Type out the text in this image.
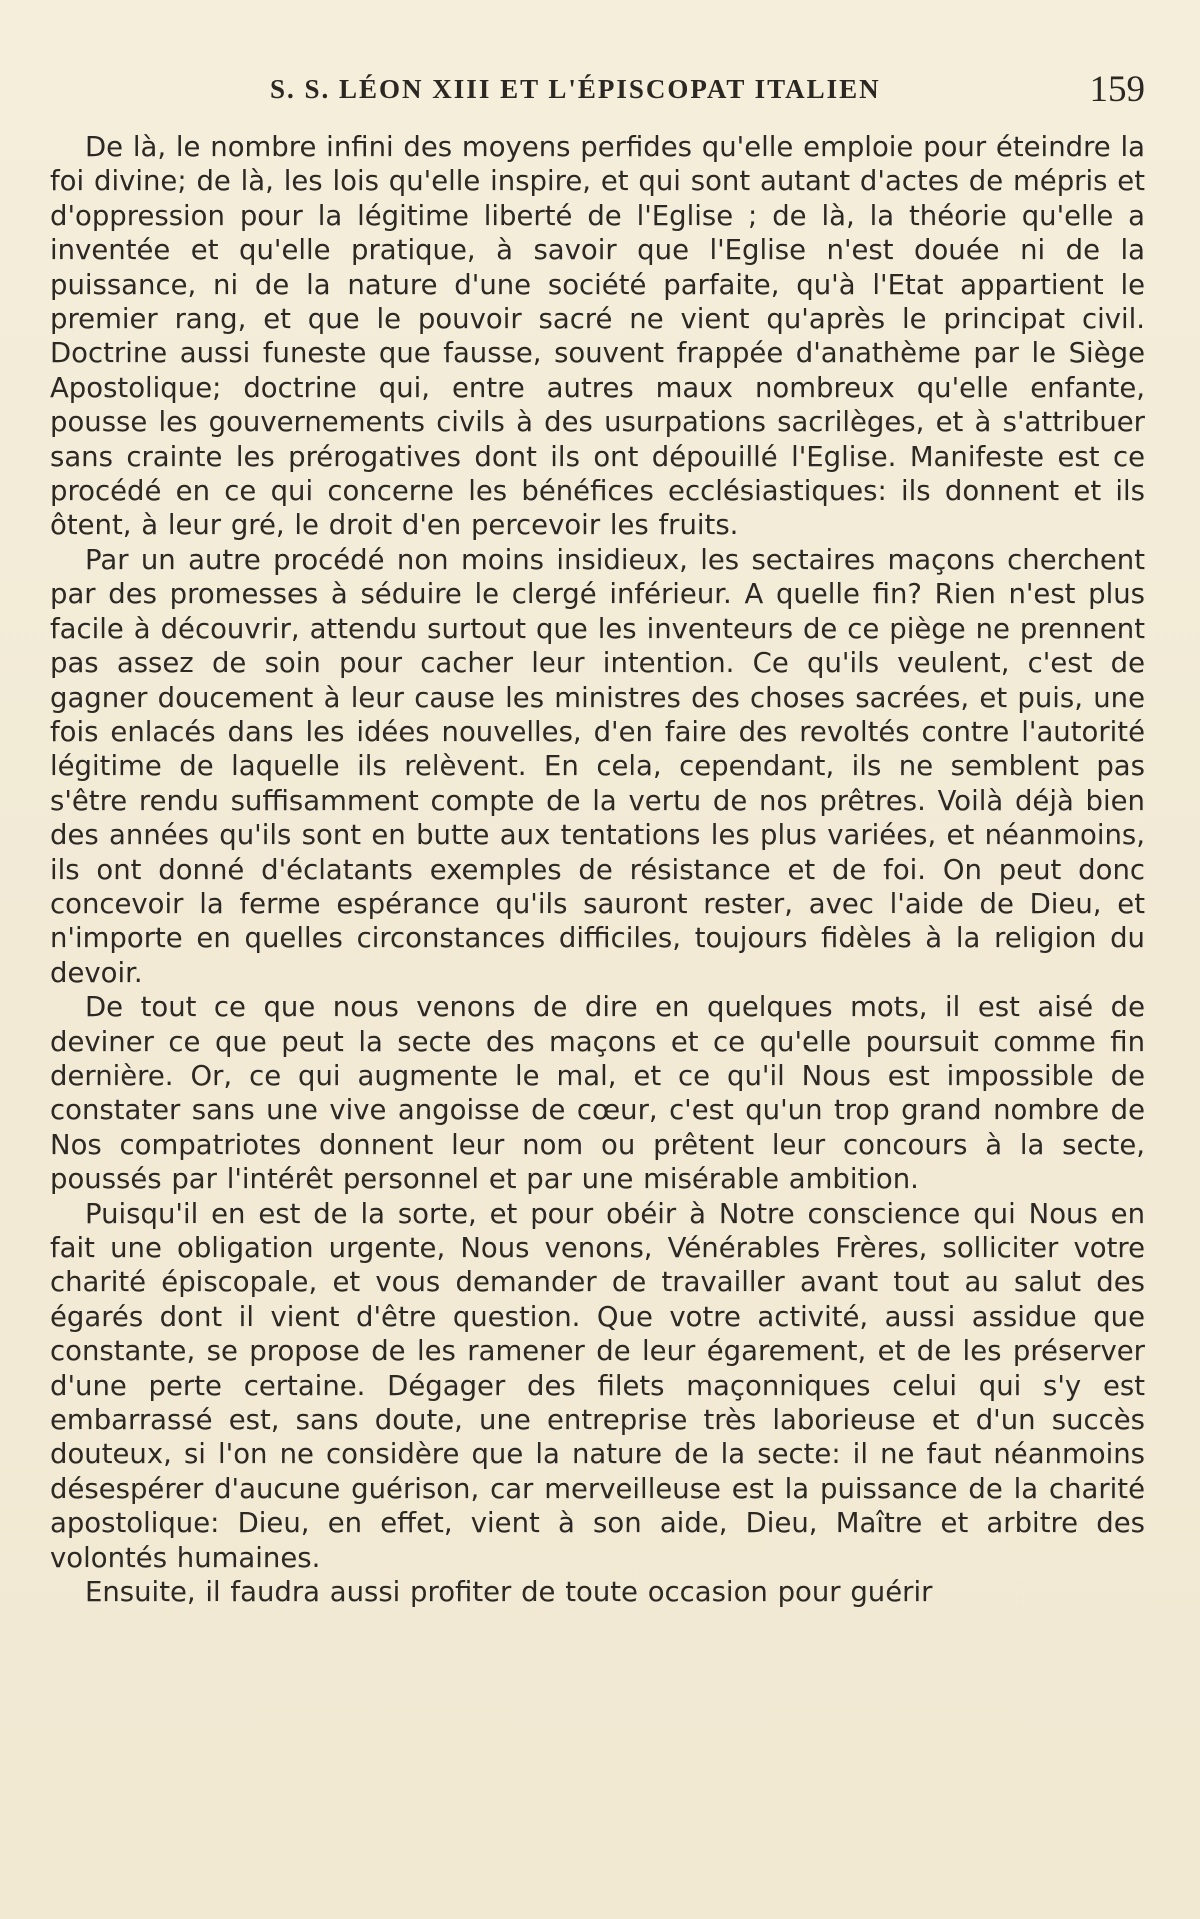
S. S. LÉON XIII ET L'ÉPISCOPAT ITALIEN	159

De là, le nombre infini des moyens perfides qu'elle emploie pour éteindre la foi divine; de là, les lois qu'elle inspire, et qui sont autant d'actes de mépris et d'oppression pour la légitime liberté de l'Eglise ; de là, la théorie qu'elle a inventée et qu'elle pratique, à savoir que l'Eglise n'est douée ni de la puissance, ni de la nature d'une société parfaite, qu'à l'Etat appartient le premier rang, et que le pouvoir sacré ne vient qu'après le principat civil. Doctrine aussi funeste que fausse, souvent frappée d'anathème par le Siège Apostolique; doctrine qui, entre autres maux nombreux qu'elle enfante, pousse les gouvernements civils à des usurpations sacrilèges, et à s'attribuer sans crainte les prérogatives dont ils ont dépouillé l'Eglise. Manifeste est ce procédé en ce qui concerne les bénéfices ecclésiastiques: ils donnent et ils ôtent, à leur gré, le droit d'en percevoir les fruits.

Par un autre procédé non moins insidieux, les sectaires maçons cherchent par des promesses à séduire le clergé inférieur. A quelle fin? Rien n'est plus facile à découvrir, attendu surtout que les inventeurs de ce piège ne prennent pas assez de soin pour cacher leur intention. Ce qu'ils veulent, c'est de gagner doucement à leur cause les ministres des choses sacrées, et puis, une fois enlacés dans les idées nouvelles, d'en faire des revoltés contre l'autorité légitime de laquelle ils relèvent. En cela, cependant, ils ne semblent pas s'être rendu suffisamment compte de la vertu de nos prêtres. Voilà déjà bien des années qu'ils sont en butte aux tentations les plus variées, et néanmoins, ils ont donné d'éclatants exemples de résistance et de foi. On peut donc concevoir la ferme espérance qu'ils sauront rester, avec l'aide de Dieu, et n'importe en quelles circonstances difficiles, toujours fidèles à la religion du devoir.

De tout ce que nous venons de dire en quelques mots, il est aisé de deviner ce que peut la secte des maçons et ce qu'elle poursuit comme fin dernière. Or, ce qui augmente le mal, et ce qu'il Nous est impossible de constater sans une vive angoisse de cœur, c'est qu'un trop grand nombre de Nos compatriotes donnent leur nom ou prêtent leur concours à la secte, poussés par l'intérêt personnel et par une misérable ambition.

Puisqu'il en est de la sorte, et pour obéir à Notre conscience qui Nous en fait une obligation urgente, Nous venons, Vénérables Frères, solliciter votre charité épiscopale, et vous demander de travailler avant tout au salut des égarés dont il vient d'être question. Que votre activité, aussi assidue que constante, se propose de les ramener de leur égarement, et de les préserver d'une perte certaine. Dégager des filets maçonniques celui qui s'y est embarrassé est, sans doute, une entreprise très laborieuse et d'un succès douteux, si l'on ne considère que la nature de la secte: il ne faut néanmoins désespérer d'aucune guérison, car merveilleuse est la puissance de la charité apostolique: Dieu, en effet, vient à son aide, Dieu, Maître et arbitre des volontés humaines.

Ensuite, il faudra aussi profiter de toute occasion pour guérir
